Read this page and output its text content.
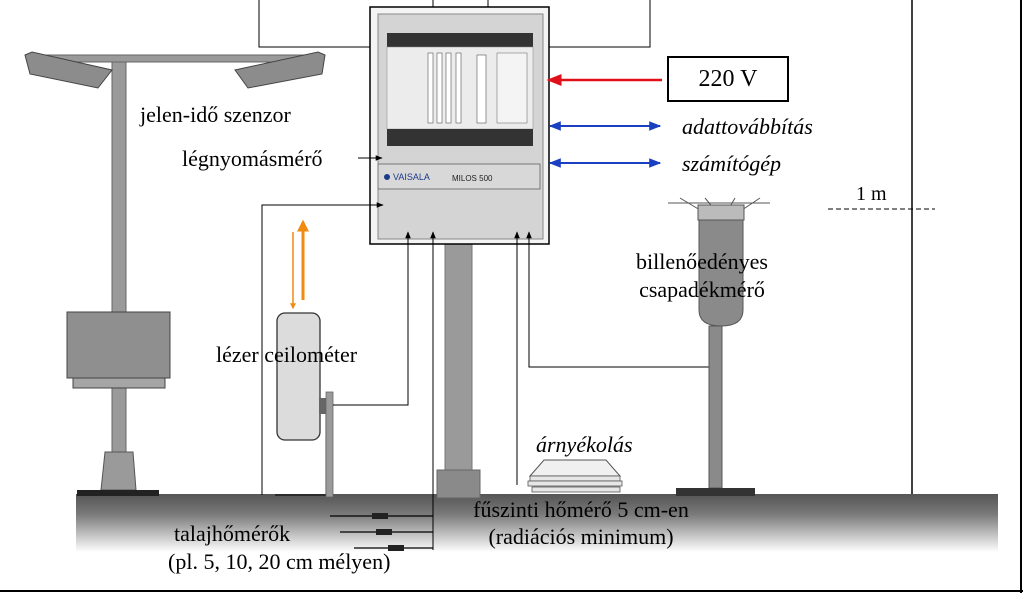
jelen-idő szenzor
légnyomásmérő
lézer ceilométer
220 V
adattovábbítás
számítógép
1 m
billenőedényes
csapadékmérő
árnyékolás
fűszinti hőmérő 5 cm-en
(radiációs minimum)
talajhőmérők
(pl. 5, 10, 20 cm mélyen)
VAISALA	MILOS 500
